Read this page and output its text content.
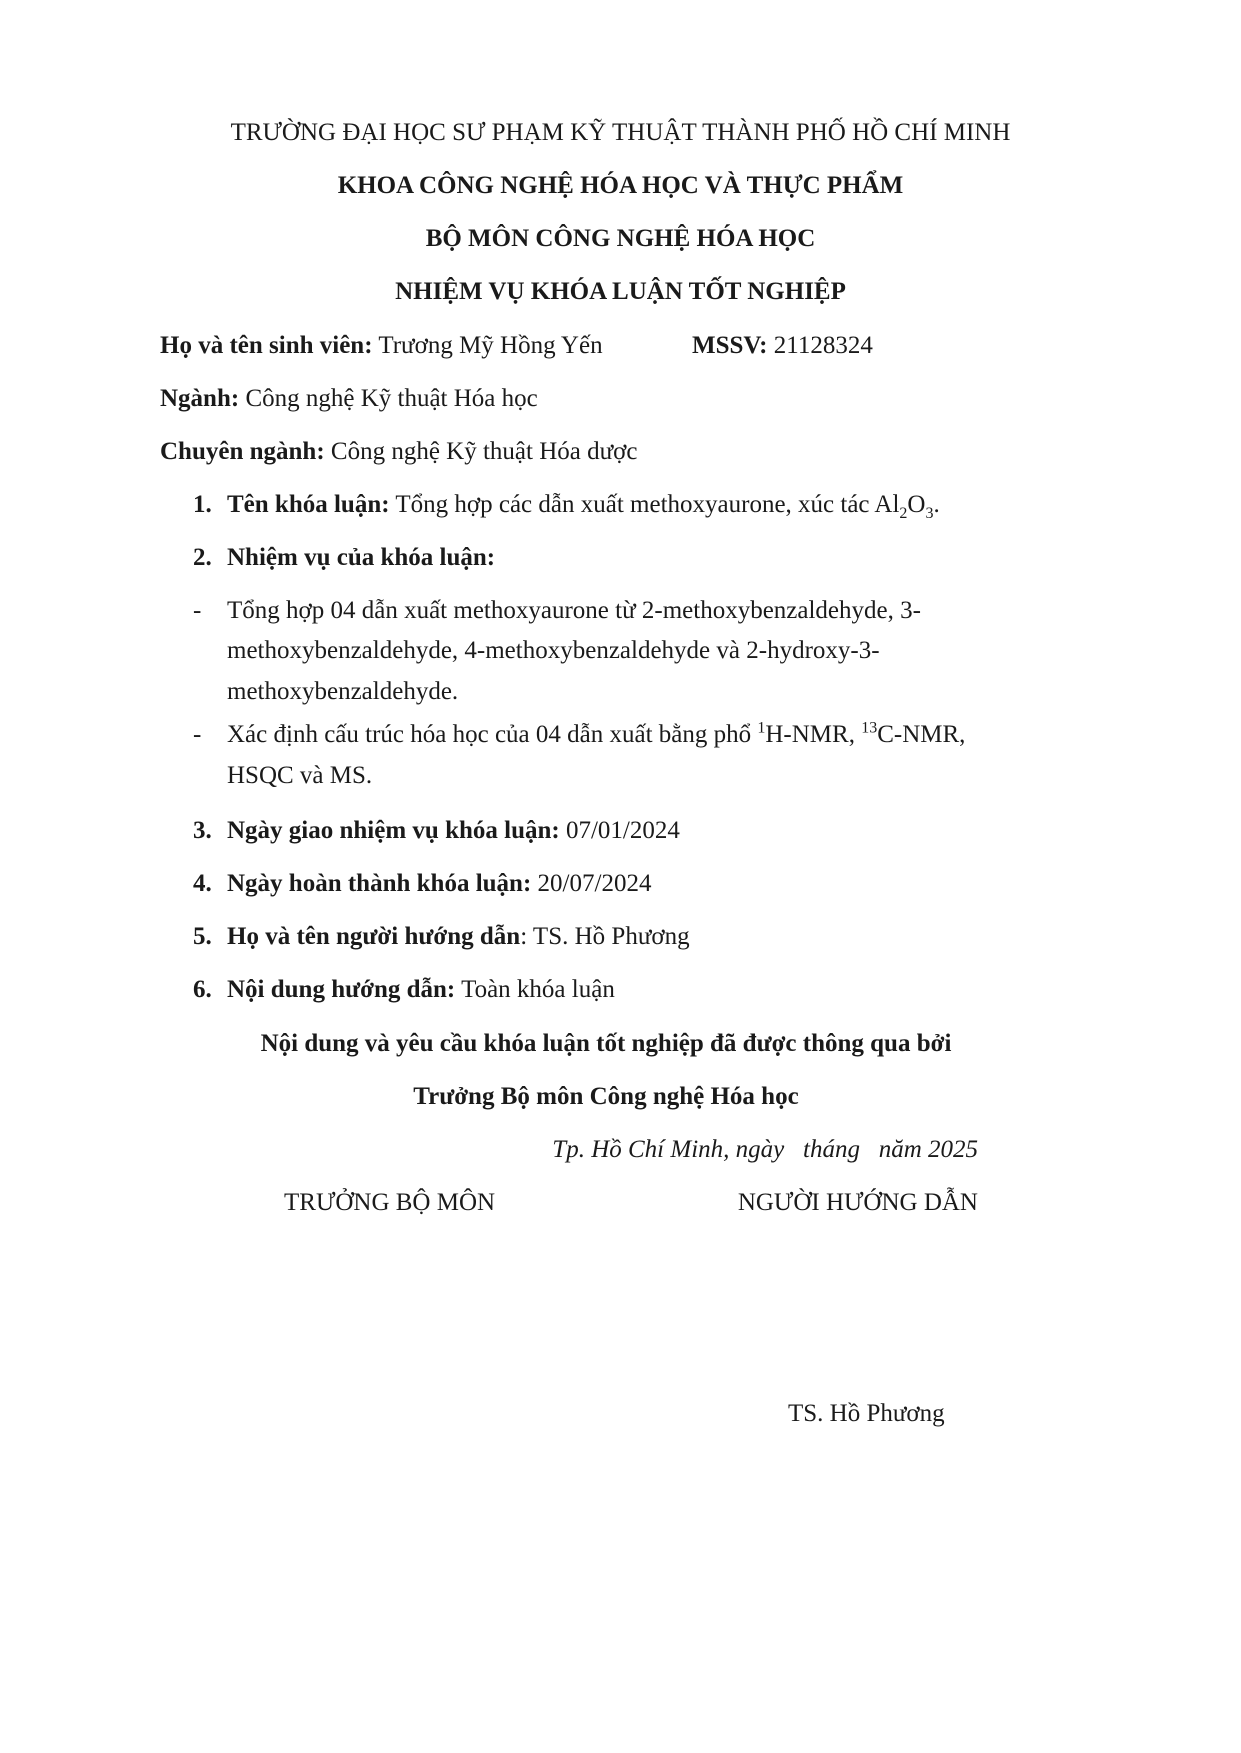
TRƯỜNG ĐẠI HỌC SƯ PHẠM KỸ THUẬT THÀNH PHỐ HỒ CHÍ MINH
KHOA CÔNG NGHỆ HÓA HỌC VÀ THỰC PHẨM
BỘ MÔN CÔNG NGHỆ HÓA HỌC
NHIỆM VỤ KHÓA LUẬN TỐT NGHIỆP
Họ và tên sinh viên: Trương Mỹ Hồng Yến	MSSV: 21128324
Ngành: Công nghệ Kỹ thuật Hóa học
Chuyên ngành: Công nghệ Kỹ thuật Hóa dược
1. Tên khóa luận: Tổng hợp các dẫn xuất methoxyaurone, xúc tác $Al_2O_3$.
2. Nhiệm vụ của khóa luận:
- Tổng hợp 04 dẫn xuất methoxyaurone từ 2-methoxybenzaldehyde, 3-
methoxybenzaldehyde, 4-methoxybenzaldehyde và 2-hydroxy-3-
methoxybenzaldehyde.
- Xác định cấu trúc hóa học của 04 dẫn xuất bằng phổ $^1$H-NMR, $^{13}$C-NMR,
HSQC và MS.
3. Ngày giao nhiệm vụ khóa luận: 07/01/2024
4. Ngày hoàn thành khóa luận: 20/07/2024
5. Họ và tên người hướng dẫn: TS. Hồ Phương
6. Nội dung hướng dẫn: Toàn khóa luận
Nội dung và yêu cầu khóa luận tốt nghiệp đã được thông qua bởi
Trưởng Bộ môn Công nghệ Hóa học
Tp. Hồ Chí Minh, ngày   tháng   năm 2025
TRƯỞNG BỘ MÔN	NGƯỜI HƯỚNG DẪN
TS. Hồ Phương
